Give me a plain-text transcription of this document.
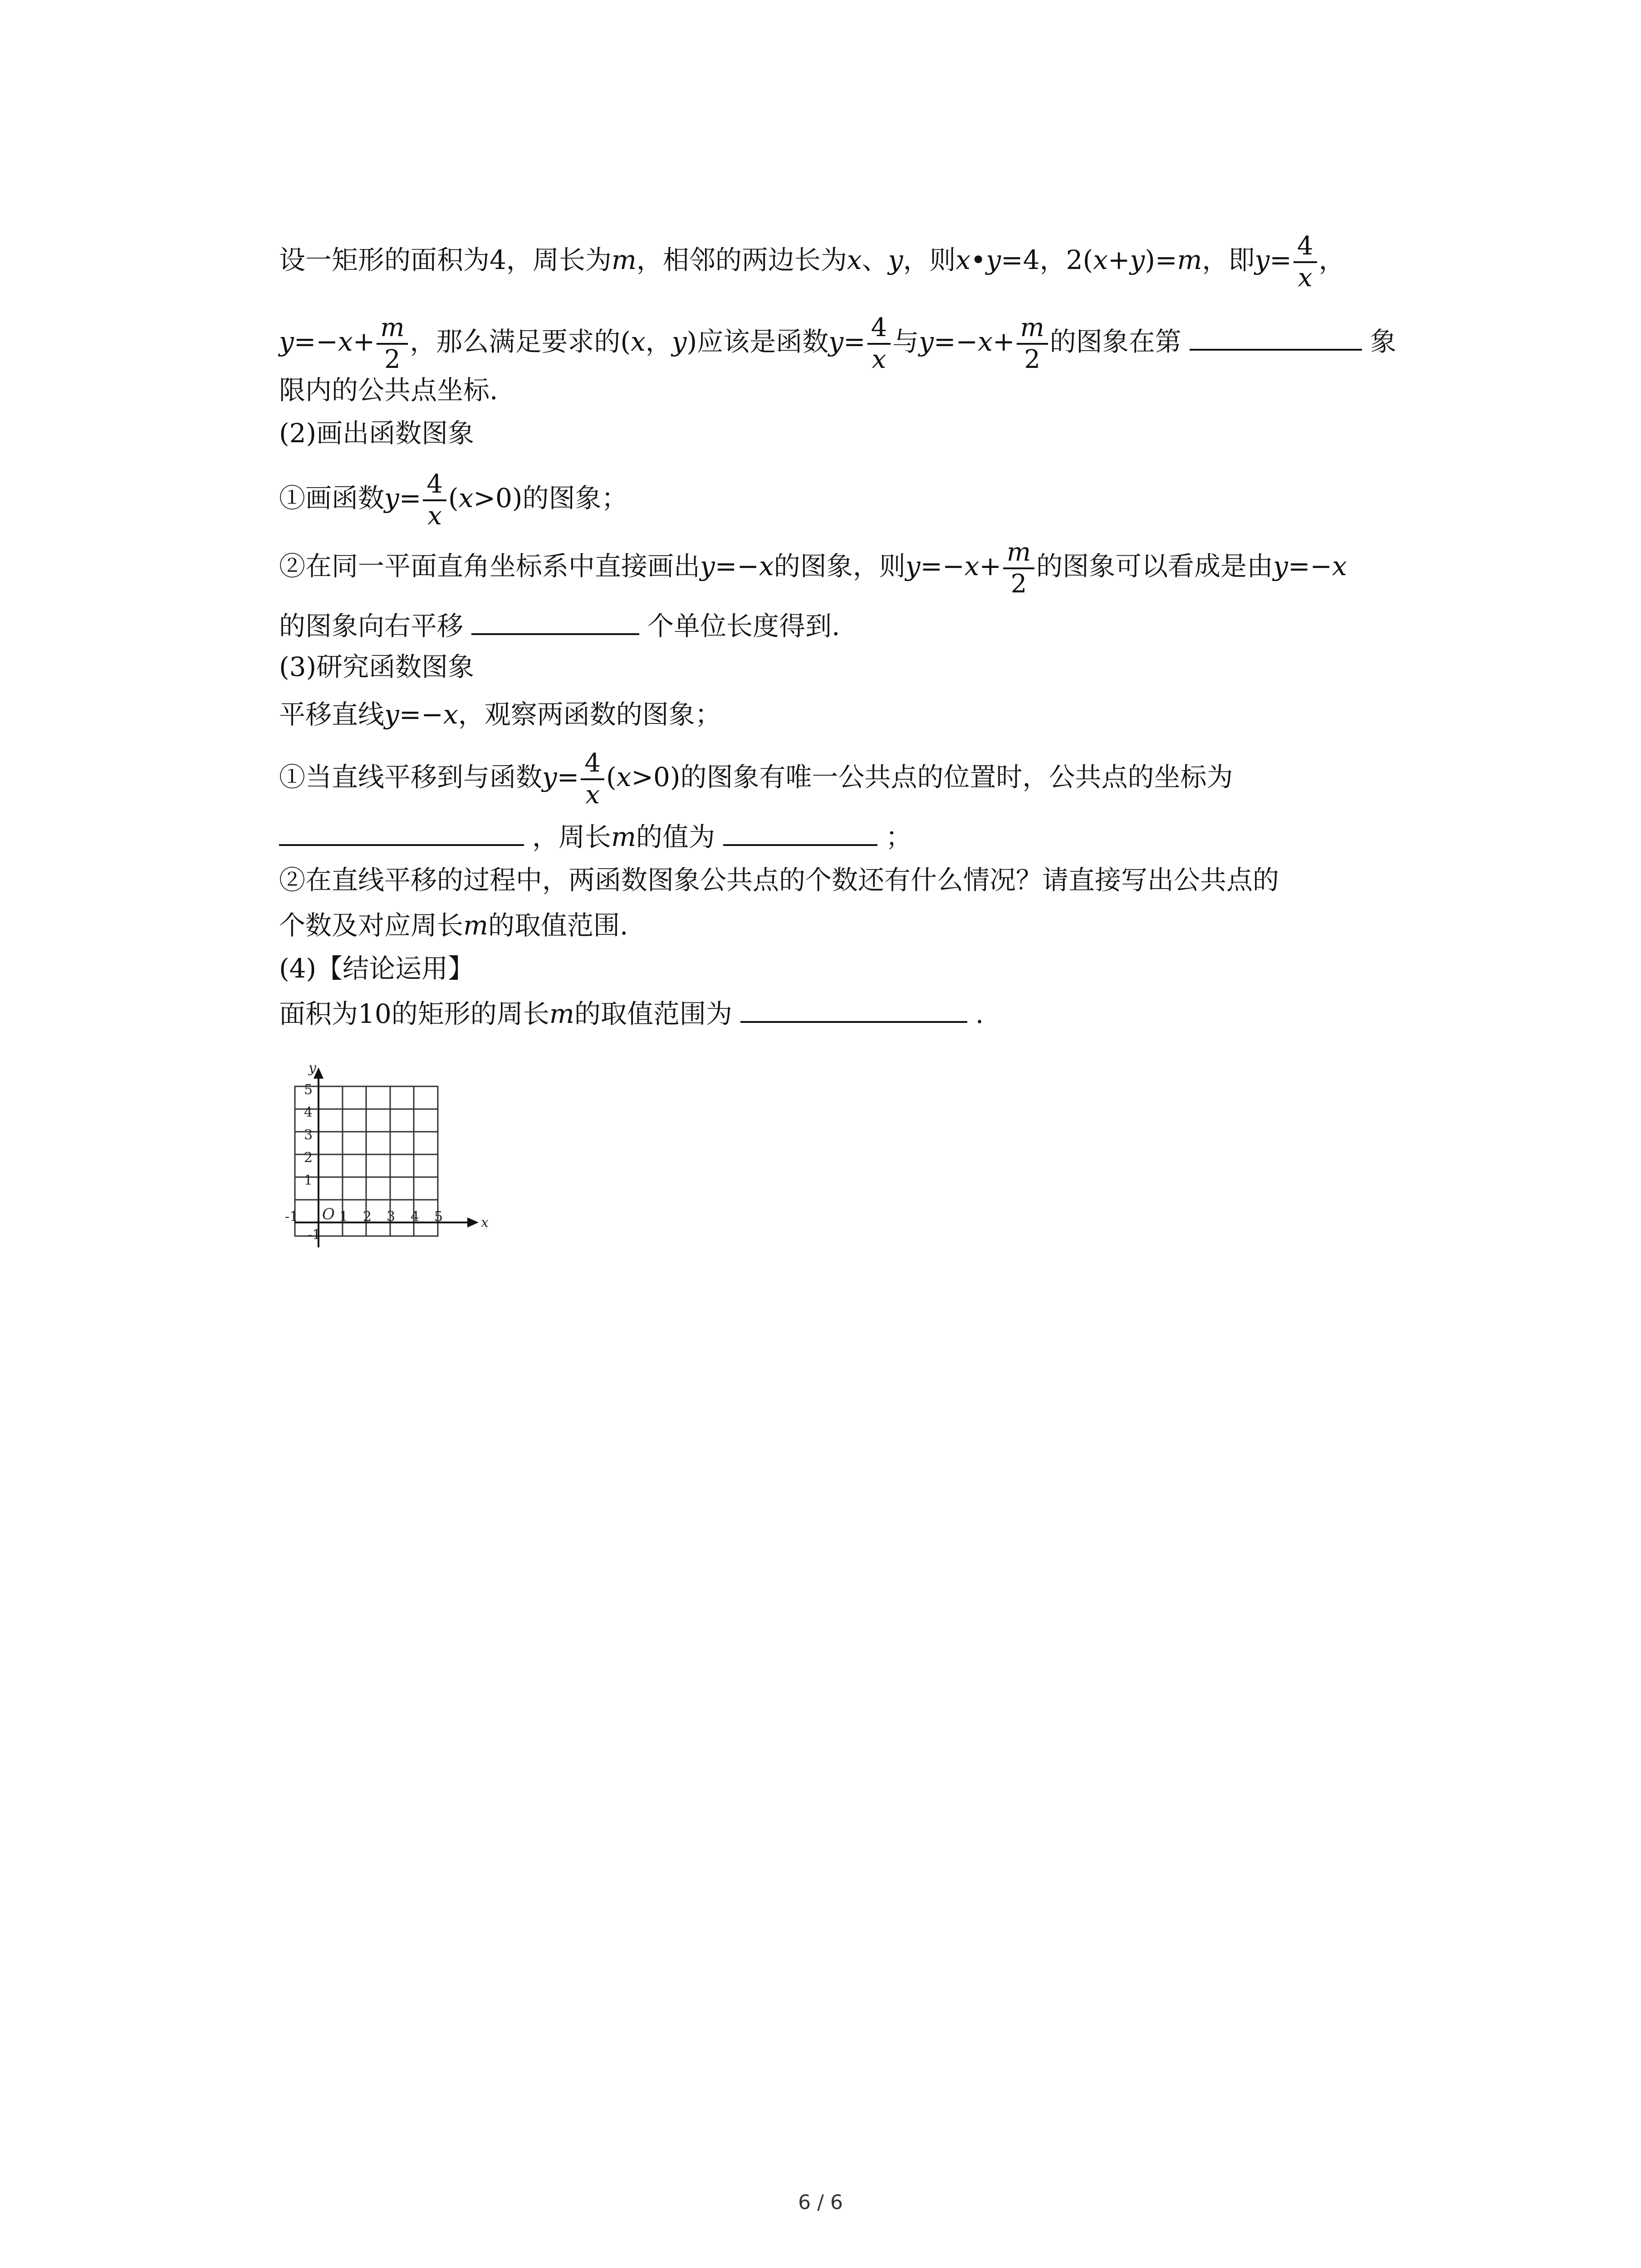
设一矩形的面积为4，周长为m，相邻的两边长为x、y，则x•y=4，2(x+y)=m，即$y= \frac{4}{x}$ ，
$y=-x+ \frac{m}{2}$ ，那么满足要求的(x，y)应该是函数$y= \frac{4}{x}$ 与$y=-x+ \frac{m}{2}$ 的图象在第	象
限内的公共点坐标.
(2)画出函数图象
①画函数$y= \frac{4}{x} (x>0)$的图象；
②在同一平面直角坐标系中直接画出y=−x的图象，则$y=-x+ \frac{m}{2}$ 的图象可以看成是由y=−x
的图象向右平移	个单位长度得到.
(3)研究函数图象
平移直线y=−x，观察两函数的图象；
①当直线平移到与函数$y= \frac{4}{x} (x>0)$的图象有唯一公共点的位置时，公共点的坐标为
，周长m的值为	；
②在直线平移的过程中，两函数图象公共点的个数还有什么情况？请直接写出公共点的
个数及对应周长m的取值范围.
(4)【结论运用】
面积为10的矩形的周长m的取值范围为	.
y
x
O
5
4
3
2
1
-1
-1	1 2 3 4 5
6 / 6
